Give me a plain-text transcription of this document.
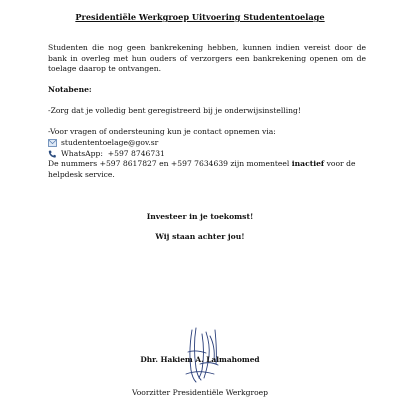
Presidentiële Werkgroep Uitvoering Studententoelage

Studenten die nog geen bankrekening hebben, kunnen indien vereist door de bank in overleg met hun ouders of verzorgers een bankrekening openen om de toelage daarop te ontvangen.

Notabene:

-Zorg dat je volledig bent geregistreerd bij je onderwijsinstelling!

-Voor vragen of ondersteuning kun je contact opnemen via:

studententoelage@gov.sr
WhatsApp:
+597 8746731

De nummers +597 8617827 en +597 7634639 zijn momenteel inactief voor de helpdesk service.

Investeer in je toekomst!
Wij staan achter jou!
Dhr. Hakiem A. Lalmahomed
Voorzitter Presidentiële Werkgroep
